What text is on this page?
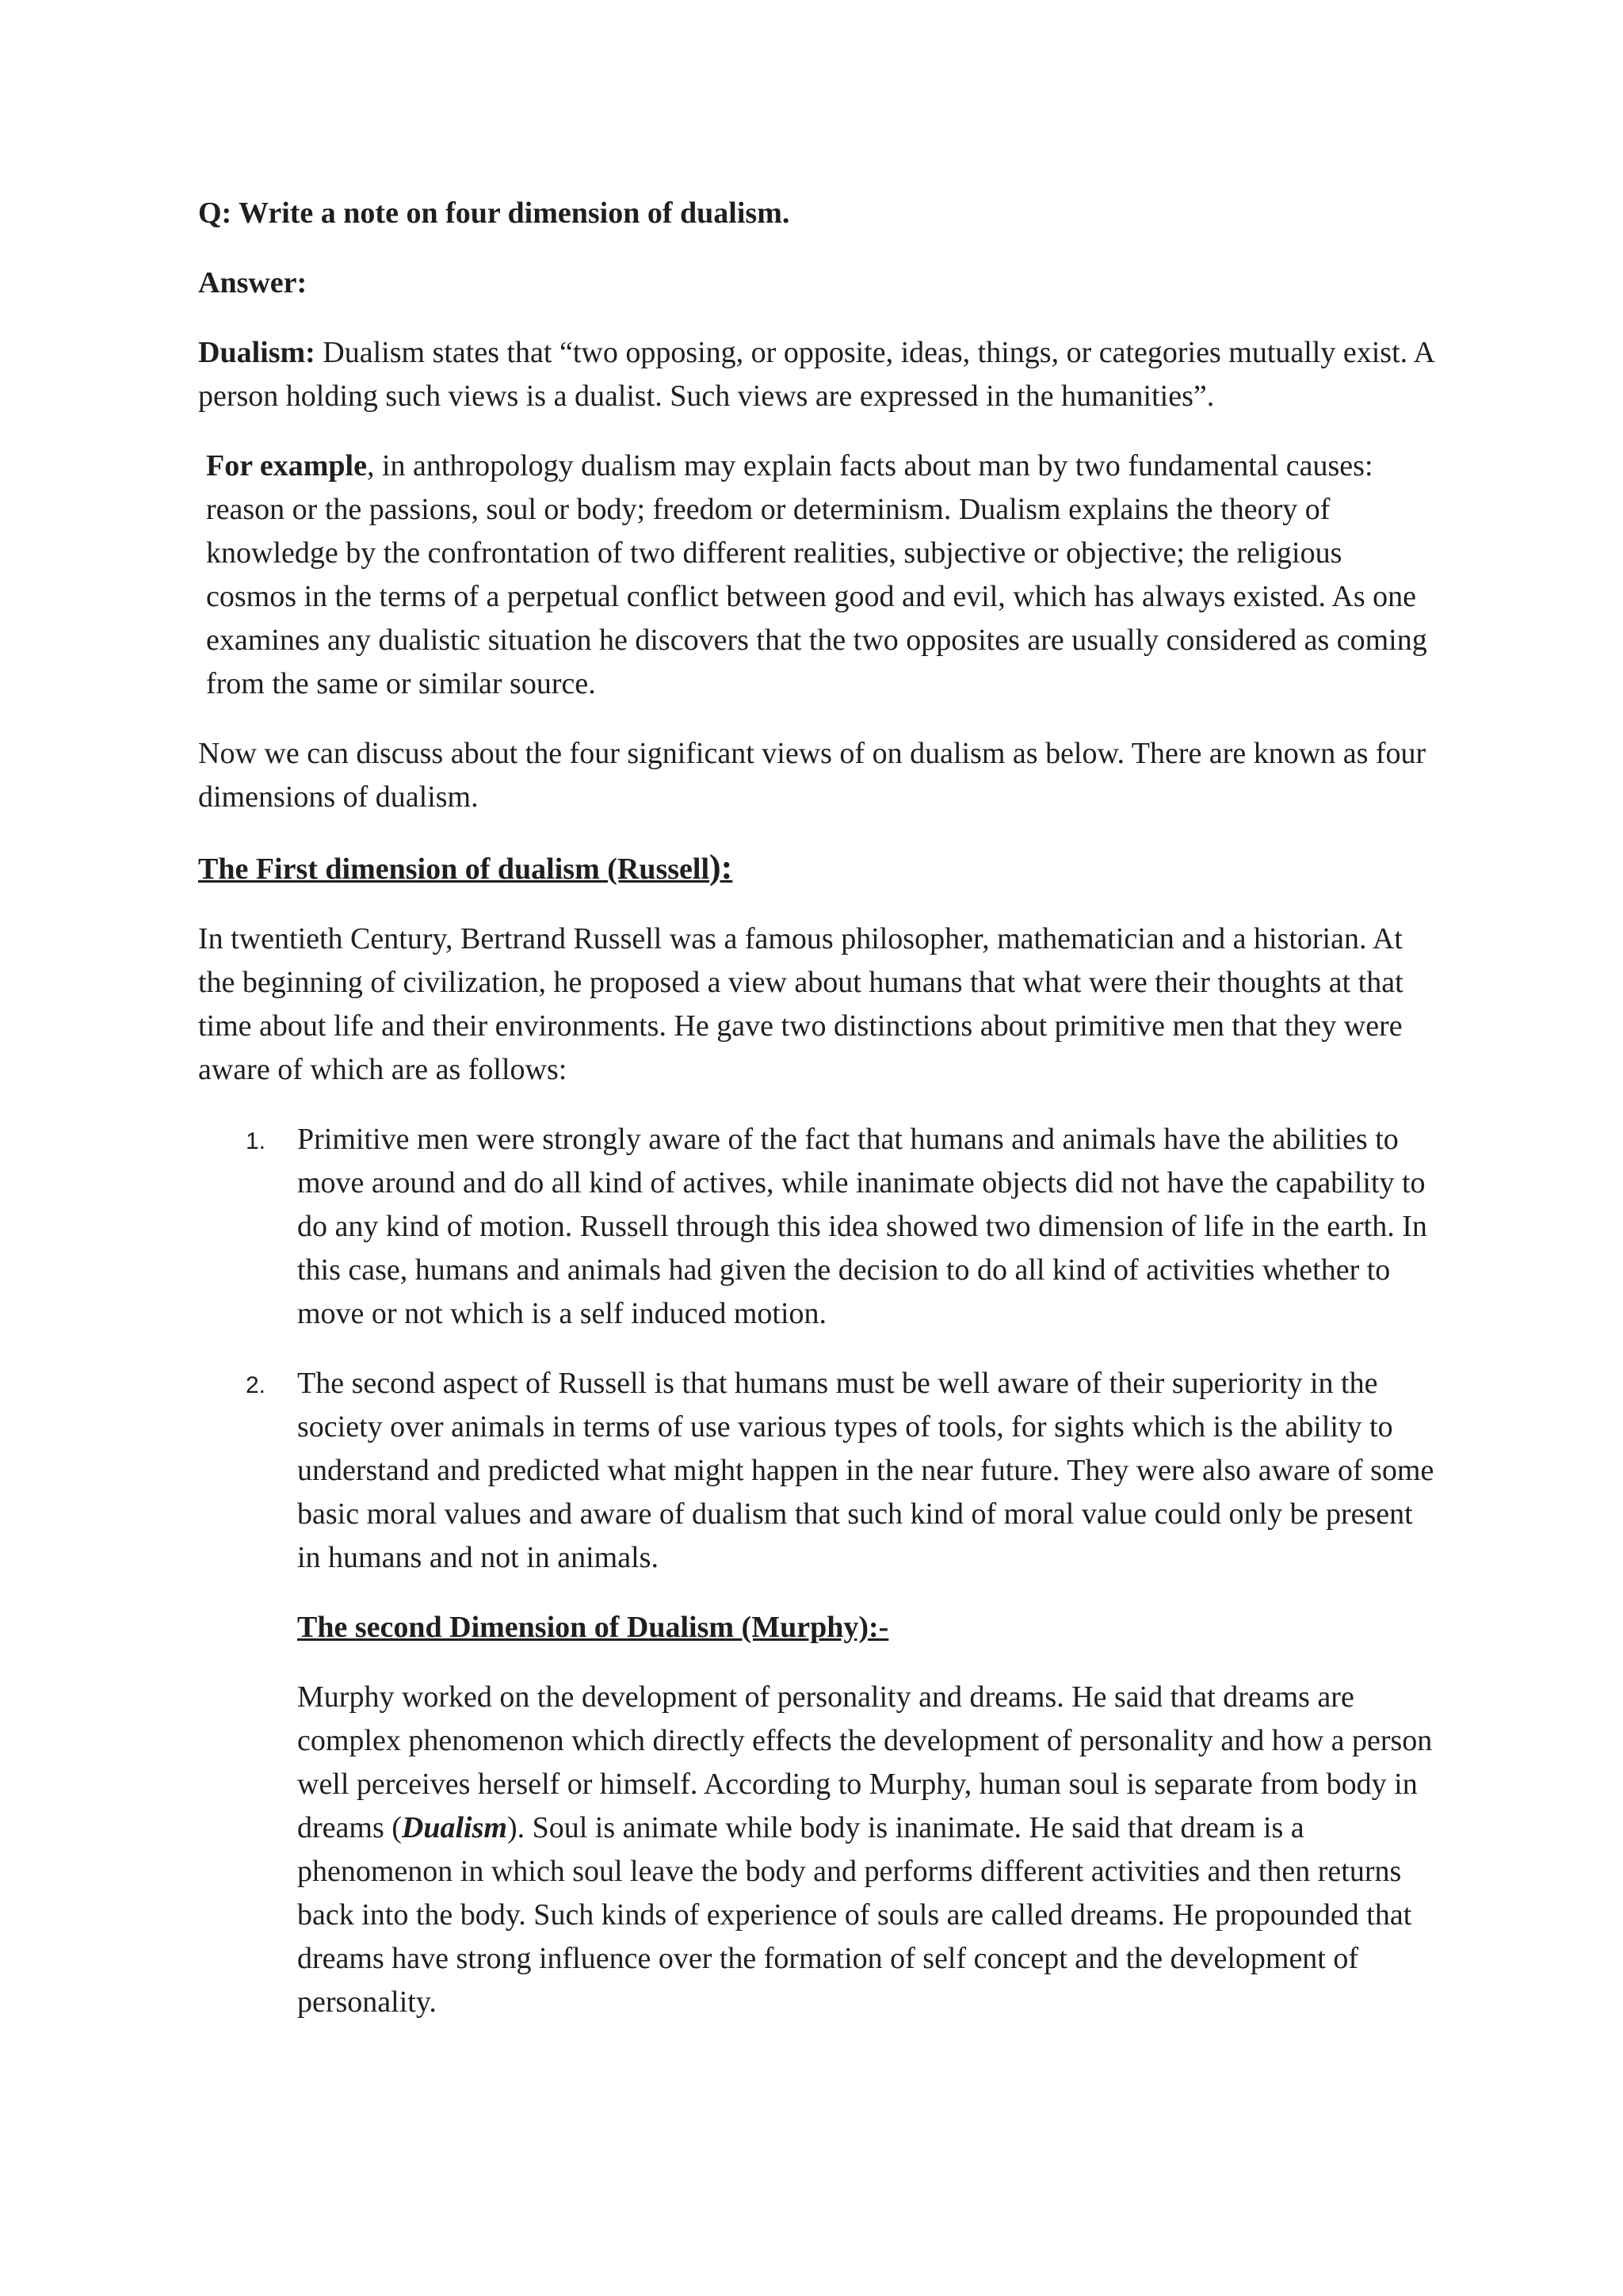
Q: Write a note on four dimension of dualism.

Answer:

Dualism: Dualism states that “two opposing, or opposite, ideas, things, or categories mutually exist. A person holding such views is a dualist. Such views are expressed in the humanities”.

For example, in anthropology dualism may explain facts about man by two fundamental causes: reason or the passions, soul or body; freedom or determinism. Dualism explains the theory of knowledge by the confrontation of two different realities, subjective or objective; the religious cosmos in the terms of a perpetual conflict between good and evil, which has always existed. As one examines any dualistic situation he discovers that the two opposites are usually considered as coming from the same or similar source.

Now we can discuss about the four significant views of on dualism as below. There are known as four dimensions of dualism.

The First dimension of dualism (Russell):

In twentieth Century, Bertrand Russell was a famous philosopher, mathematician and a historian. At the beginning of civilization, he proposed a view about humans that what were their thoughts at that time about life and their environments. He gave two distinctions about primitive men that they were aware of which are as follows:

1. Primitive men were strongly aware of the fact that humans and animals have the abilities to move around and do all kind of actives, while inanimate objects did not have the capability to do any kind of motion. Russell through this idea showed two dimension of life in the earth. In this case, humans and animals had given the decision to do all kind of activities whether to move or not which is a self induced motion.
2. The second aspect of Russell is that humans must be well aware of their superiority in the society over animals in terms of use various types of tools, for sights which is the ability to understand and predicted what might happen in the near future. They were also aware of some basic moral values and aware of dualism that such kind of moral value could only be present in humans and not in animals.

The second Dimension of Dualism (Murphy):-

Murphy worked on the development of personality and dreams. He said that dreams are complex phenomenon which directly effects the development of personality and how a person well perceives herself or himself. According to Murphy, human soul is separate from body in dreams (Dualism). Soul is animate while body is inanimate. He said that dream is a phenomenon in which soul leave the body and performs different activities and then returns back into the body. Such kinds of experience of souls are called dreams. He propounded that dreams have strong influence over the formation of self concept and the development of personality.
